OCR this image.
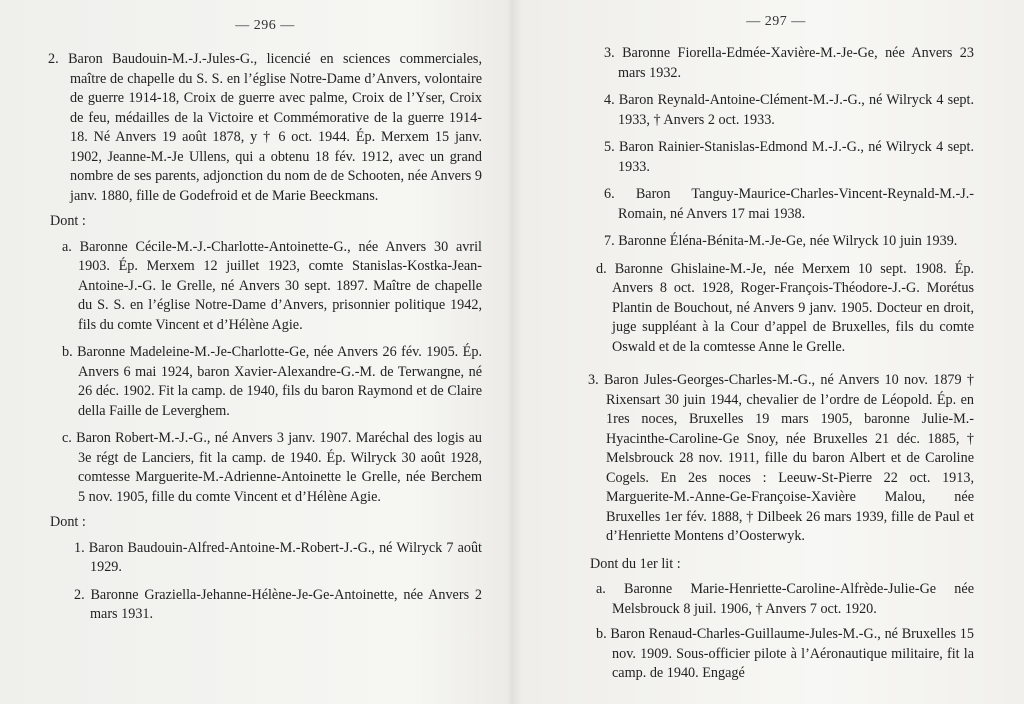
— 296 —

2. Baron Baudouin-M.-J.-Jules-G., licencié en sciences commerciales, maître de chapelle du S. S. en l’église Notre-Dame d’Anvers, volontaire de guerre 1914-18, Croix de guerre avec palme, Croix de l’Yser, Croix de feu, médailles de la Victoire et Commémorative de la guerre 1914-18. Né Anvers 19 août 1878, y † 6 oct. 1944. Ép. Merxem 15 janv. 1902, Jeanne-M.-Je Ullens, qui a obtenu 18 fév. 1912, avec un grand nombre de ses parents, adjonction du nom de de Schooten, née Anvers 9 janv. 1880, fille de Godefroid et de Marie Beeckmans.

Dont :

a. Baronne Cécile-M.-J.-Charlotte-Antoinette-G., née Anvers 30 avril 1903. Ép. Merxem 12 juillet 1923, comte Stanislas-Kostka-Jean-Antoine-J.-G. le Grelle, né Anvers 30 sept. 1897. Maître de chapelle du S. S. en l’église Notre-Dame d’Anvers, prisonnier politique 1942, fils du comte Vincent et d’Hélène Agie.

b. Baronne Madeleine-M.-Je-Charlotte-Ge, née Anvers 26 fév. 1905. Ép. Anvers 6 mai 1924, baron Xavier-Alexandre-G.-M. de Terwangne, né 26 déc. 1902. Fit la camp. de 1940, fils du baron Raymond et de Claire della Faille de Leverghem.

c. Baron Robert-M.-J.-G., né Anvers 3 janv. 1907. Maréchal des logis au 3e régt de Lanciers, fit la camp. de 1940. Ép. Wilryck 30 août 1928, comtesse Marguerite-M.-Adrienne-Antoinette le Grelle, née Berchem 5 nov. 1905, fille du comte Vincent et d’Hélène Agie.

Dont :

1. Baron Baudouin-Alfred-Antoine-M.-Robert-J.-G., né Wilryck 7 août 1929.

2. Baronne Graziella-Jehanne-Hélène-Je-Ge-Antoinette, née Anvers 2 mars 1931.

— 297 —

3. Baronne Fiorella-Edmée-Xavière-M.-Je-Ge, née Anvers 23 mars 1932.

4. Baron Reynald-Antoine-Clément-M.-J.-G., né Wilryck 4 sept. 1933, † Anvers 2 oct. 1933.

5. Baron Rainier-Stanislas-Edmond M.-J.-G., né Wilryck 4 sept. 1933.

6. Baron Tanguy-Maurice-Charles-Vincent-Reynald-M.-J.-Romain, né Anvers 17 mai 1938.

7. Baronne Éléna-Bénita-M.-Je-Ge, née Wilryck 10 juin 1939.

d. Baronne Ghislaine-M.-Je, née Merxem 10 sept. 1908. Ép. Anvers 8 oct. 1928, Roger-François-Théodore-J.-G. Morétus Plantin de Bouchout, né Anvers 9 janv. 1905. Docteur en droit, juge suppléant à la Cour d’appel de Bruxelles, fils du comte Oswald et de la comtesse Anne le Grelle.

3. Baron Jules-Georges-Charles-M.-G., né Anvers 10 nov. 1879 † Rixensart 30 juin 1944, chevalier de l’ordre de Léopold. Ép. en 1res noces, Bruxelles 19 mars 1905, baronne Julie-M.-Hyacinthe-Caroline-Ge Snoy, née Bruxelles 21 déc. 1885, † Melsbrouck 28 nov. 1911, fille du baron Albert et de Caroline Cogels. En 2es noces : Leeuw-St-Pierre 22 oct. 1913, Marguerite-M.-Anne-Ge-Françoise-Xavière Malou, née Bruxelles 1er fév. 1888, † Dilbeek 26 mars 1939, fille de Paul et d’Henriette Montens d’Oosterwyk.

Dont du 1er lit :

a. Baronne Marie-Henriette-Caroline-Alfrède-Julie-Ge née Melsbrouck 8 juil. 1906, † Anvers 7 oct. 1920.

b. Baron Renaud-Charles-Guillaume-Jules-M.-G., né Bruxelles 15 nov. 1909. Sous-officier pilote à l’Aéronautique militaire, fit la camp. de 1940. Engagé
